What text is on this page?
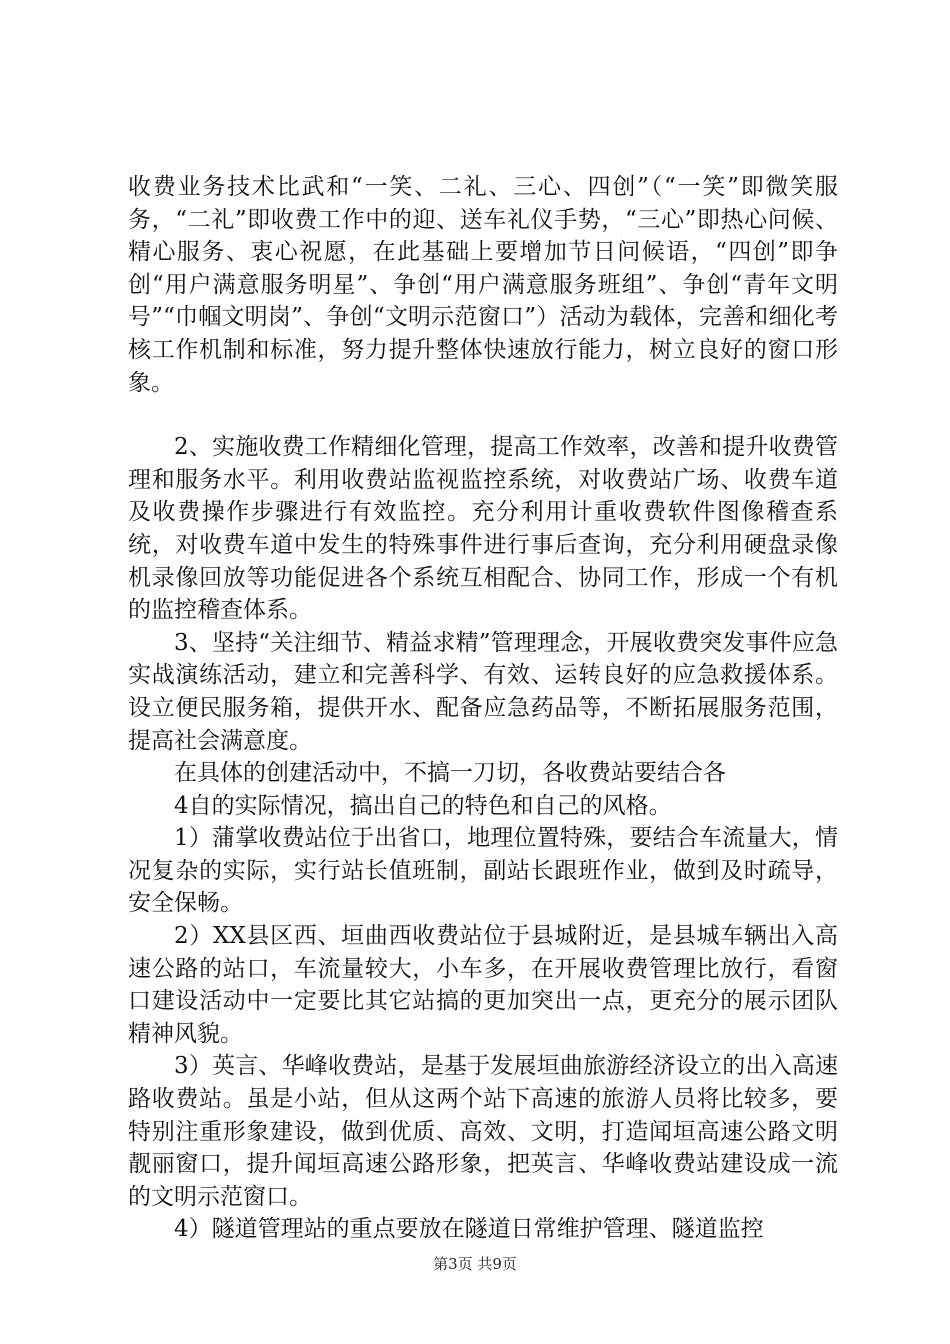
收费业务技术比武和“一笑、二礼、三心、四创”（“一笑”即微笑服务，“二礼”即收费工作中的迎、送车礼仪手势，“三心”即热心问候、精心服务、衷心祝愿，在此基础上要增加节日问候语，“四创”即争创“用户满意服务明星”、争创“用户满意服务班组”、争创“青年文明号”“巾帼文明岗”、争创“文明示范窗口”）活动为载体，完善和细化考核工作机制和标准，努力提升整体快速放行能力，树立良好的窗口形象。

2、实施收费工作精细化管理，提高工作效率，改善和提升收费管理和服务水平。利用收费站监视监控系统，对收费站广场、收费车道及收费操作步骤进行有效监控。充分利用计重收费软件图像稽查系统，对收费车道中发生的特殊事件进行事后查询，充分利用硬盘录像机录像回放等功能促进各个系统互相配合、协同工作，形成一个有机的监控稽查体系。

3、坚持“关注细节、精益求精”管理理念，开展收费突发事件应急实战演练活动，建立和完善科学、有效、运转良好的应急救援体系。设立便民服务箱，提供开水、配备应急药品等，不断拓展服务范围，提高社会满意度。

在具体的创建活动中，不搞一刀切，各收费站要结合各

4自的实际情况，搞出自己的特色和自己的风格。

1）蒲掌收费站位于出省口，地理位置特殊，要结合车流量大，情况复杂的实际，实行站长值班制，副站长跟班作业，做到及时疏导，安全保畅。

2）XX县区西、垣曲西收费站位于县城附近，是县城车辆出入高速公路的站口，车流量较大，小车多，在开展收费管理比放行，看窗口建设活动中一定要比其它站搞的更加突出一点，更充分的展示团队精神风貌。

3）英言、华峰收费站，是基于发展垣曲旅游经济设立的出入高速路收费站。虽是小站，但从这两个站下高速的旅游人员将比较多，要特别注重形象建设，做到优质、高效、文明，打造闻垣高速公路文明靓丽窗口，提升闻垣高速公路形象，把英言、华峰收费站建设成一流的文明示范窗口。

4）隧道管理站的重点要放在隧道日常维护管理、隧道监控

第3页 共9页
